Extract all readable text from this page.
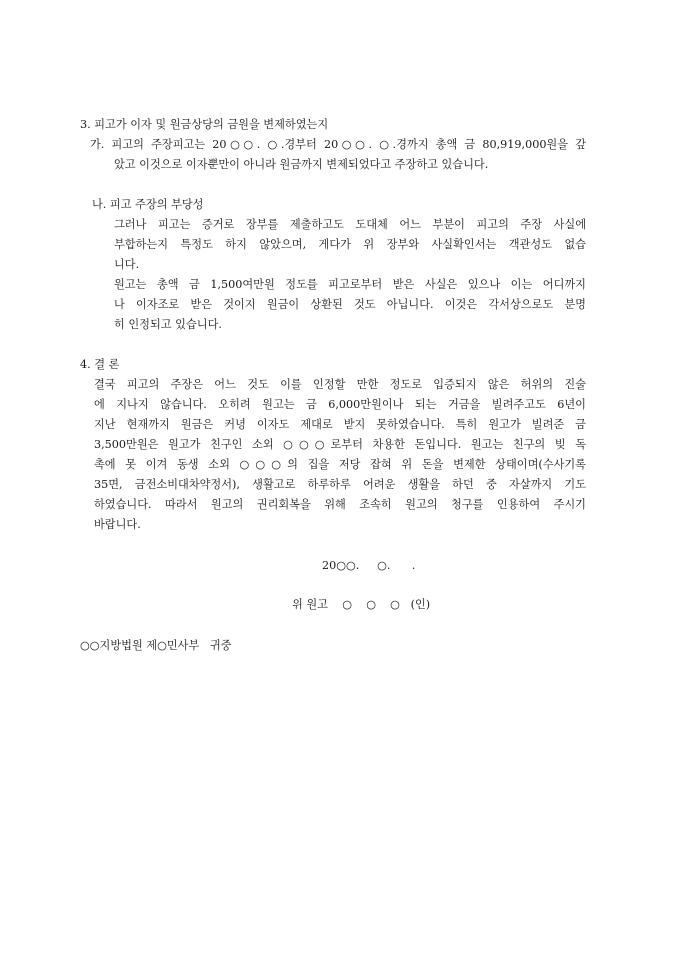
3. 피고가 이자 및 원금상당의 금원을 변제하였는지
가. 피고의 주장피고는 20○○. ○.경부터 20○○. ○.경까지 총액 금 80,919,000원을 갚
았고 이것으로 이자뿐만이 아니라 원금까지 변제되었다고 주장하고 있습니다.
나. 피고 주장의 부당성
그러나 피고는 증거로 장부를 제출하고도 도대체 어느 부분이 피고의 주장 사실에
부합하는지 특정도 하지 않았으며, 게다가 위 장부와 사실확인서는 객관성도 없습
니다.
원고는 총액 금 1,500여만원 정도를 피고로부터 받은 사실은 있으나 이는 어디까지
나 이자조로 받은 것이지 원금이 상환된 것도 아닙니다. 이것은 각서상으로도 분명
히 인정되고 있습니다.
4. 결 론
결국 피고의 주장은 어느 것도 이를 인정할 만한 정도로 입증되지 않은 허위의 진술
에 지나지 않습니다. 오히려 원고는 금 6,000만원이나 되는 거금을 빌려주고도 6년이
지난 현재까지 원금은 커녕 이자도 제대로 받지 못하였습니다. 특히 원고가 빌려준 금
3,500만원은 원고가 친구인 소외 ○○○로부터 차용한 돈입니다. 원고는 친구의 빚 독
촉에 못 이겨 동생 소외 ○○○의 집을 저당 잡혀 위 돈을 변제한 상태이며(수사기록
35면, 금전소비대차약정서), 생활고로 하루하루 어려운 생활을 하던 중 자살까지 기도
하였습니다. 따라서 원고의 권리회복을 위해 조속히 원고의 청구를 인용하여 주시기
바랍니다.
20○○.     ○.      .
위 원고    ○    ○    ○   (인)
○○지방법원 제○민사부   귀중
